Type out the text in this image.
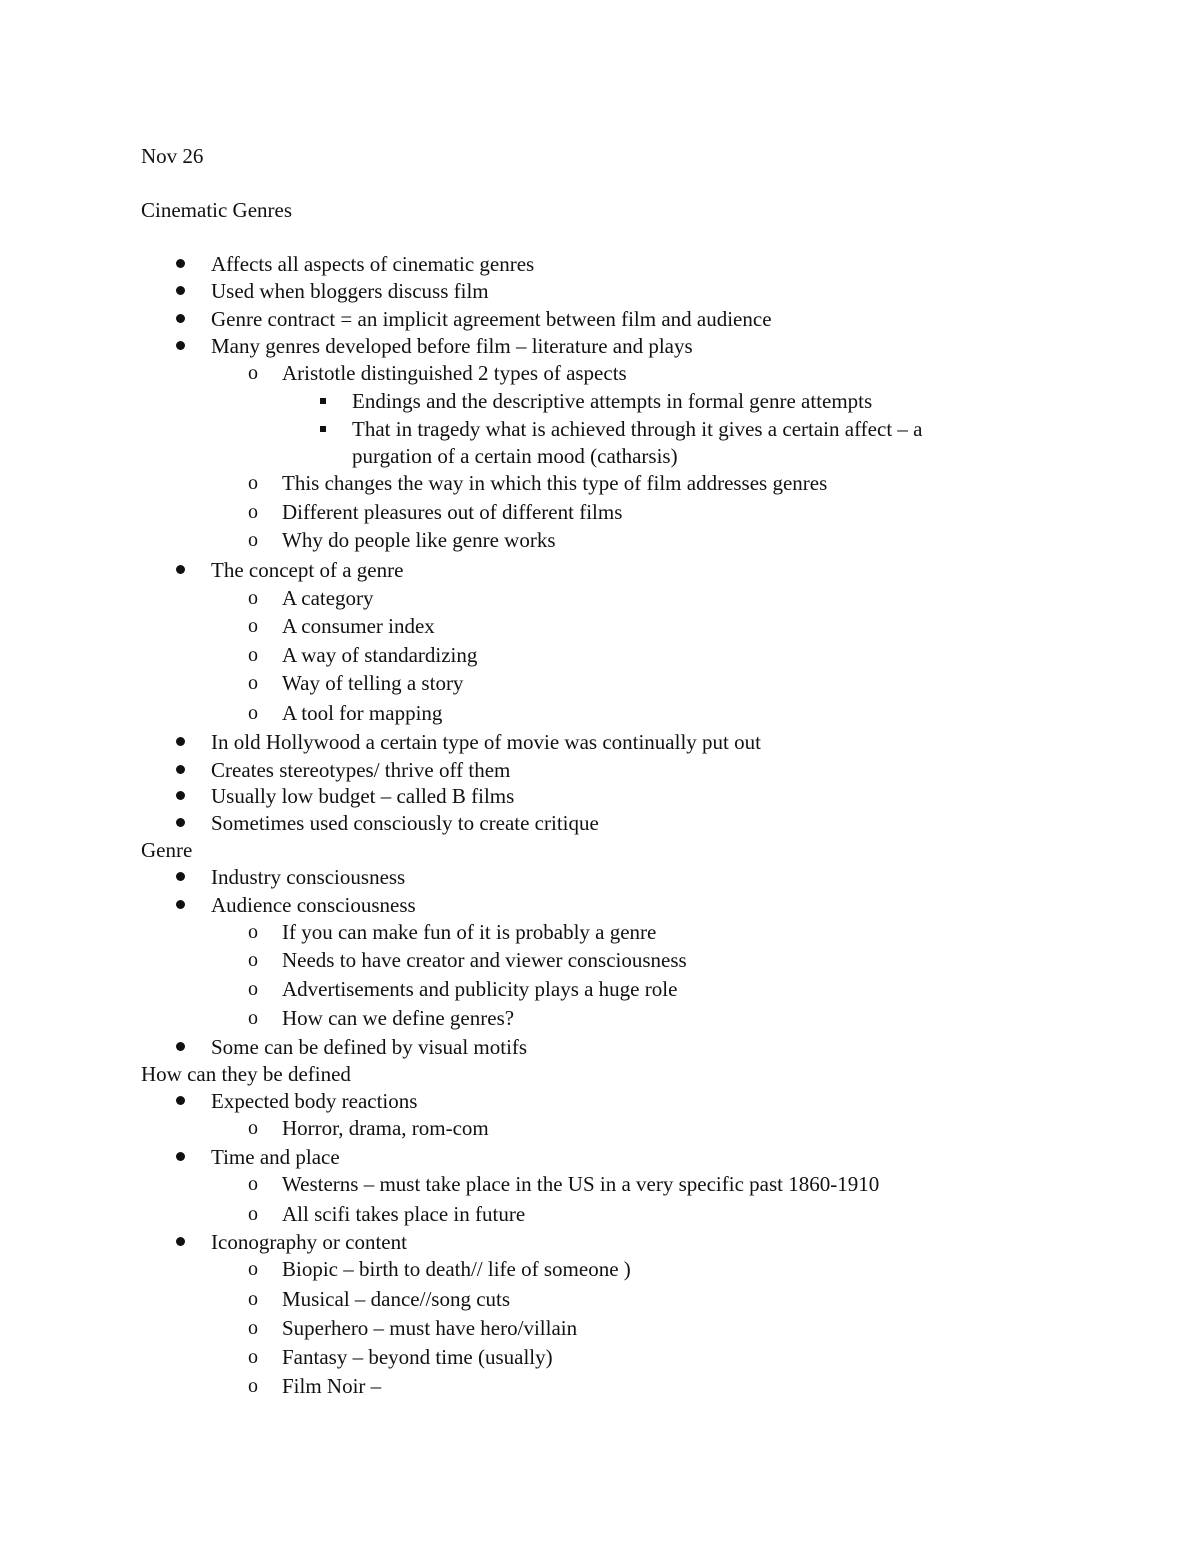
Nov 26
Cinematic Genres
Affects all aspects of cinematic genres
Used when bloggers discuss film
Genre contract = an implicit agreement between film and audience
Many genres developed before film – literature and plays
Aristotle distinguished 2 types of aspects
o
Endings and the descriptive attempts in formal genre attempts
That in tragedy what is achieved through it gives a certain affect – a
purgation of a certain mood (catharsis)
This changes the way in which this type of film addresses genres
o
Different pleasures out of different films
o
Why do people like genre works
o
The concept of a genre
A category
o
A consumer index
o
A way of standardizing
o
Way of telling a story
o
A tool for mapping
o
In old Hollywood a certain type of movie was continually put out
Creates stereotypes/ thrive off them
Usually low budget – called B films
Sometimes used consciously to create critique
Genre
Industry consciousness
Audience consciousness
If you can make fun of it is probably a genre
o
Needs to have creator and viewer consciousness
o
Advertisements and publicity plays a huge role
o
How can we define genres?
o
Some can be defined by visual motifs
How can they be defined
Expected body reactions
Horror, drama, rom-com
o
Time and place
Westerns – must take place in the US in a very specific past 1860-1910
o
All scifi takes place in future
o
Iconography or content
Biopic – birth to death// life of someone )
o
Musical – dance//song cuts
o
Superhero – must have hero/villain
o
Fantasy – beyond time (usually)
o
Film Noir –
o
